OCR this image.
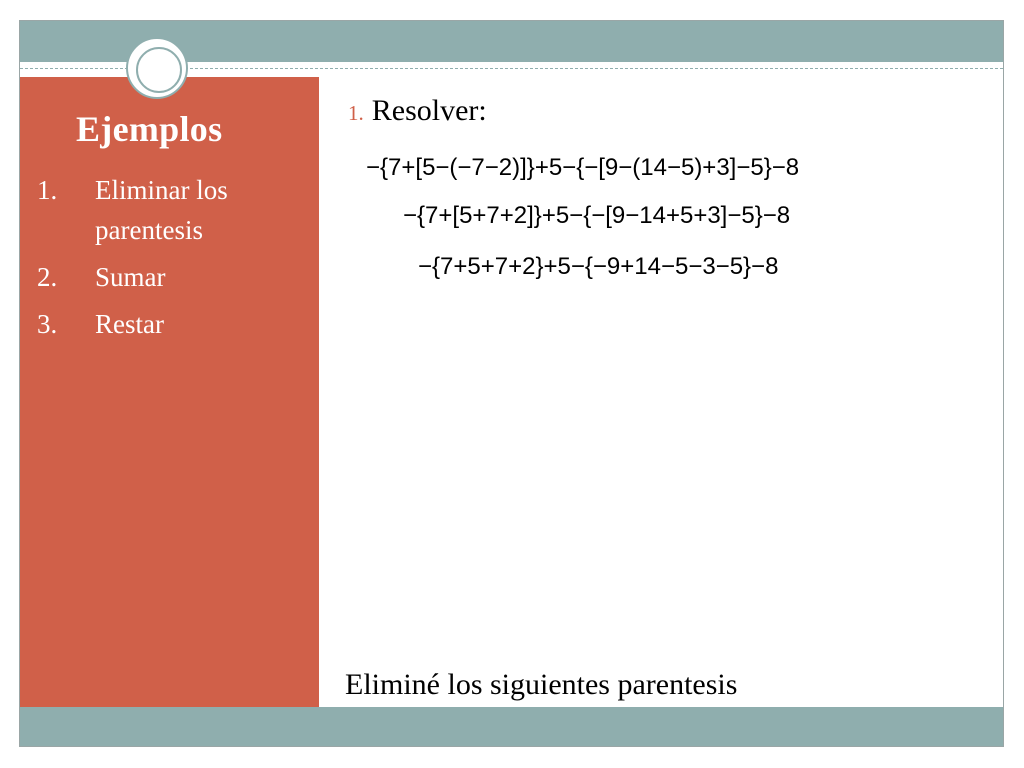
Ejemplos
1.	Eliminar los parentesis
2.	Sumar
3.	Restar
1. Resolver:
−{7+[5−(−7−2)]}+5−{−[9−(14−5)+3]−5}−8
−{7+[5+7+2]}+5−{−[9−14+5+3]−5}−8
−{7+5+7+2}+5−{−9+14−5−3−5}−8
Eliminé los siguientes parentesis
